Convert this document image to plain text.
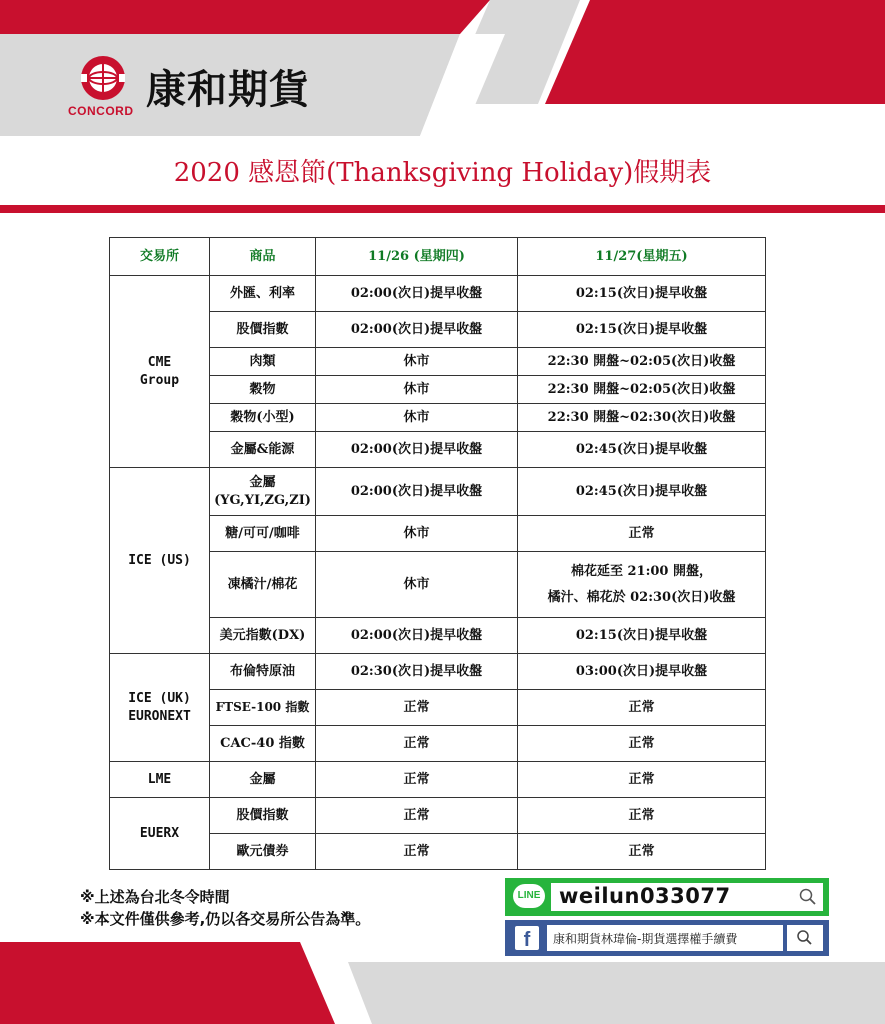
CONCORD 康和期貨
2020 感恩節(Thanksgiving Holiday)假期表
交易所	商品	11/26 (星期四)	11/27(星期五)

CME
Group	外匯、利率	02:00(次日)提早收盤	02:15(次日)提早收盤
	股價指數	02:00(次日)提早收盤	02:15(次日)提早收盤
	肉類	休市	22:30 開盤~02:05(次日)收盤
	穀物	休市	22:30 開盤~02:05(次日)收盤
	穀物(小型)	休市	22:30 開盤~02:30(次日)收盤
	金屬&能源	02:00(次日)提早收盤	02:45(次日)提早收盤

ICE (US)	金屬
(YG,YI,ZG,ZI)	02:00(次日)提早收盤	02:45(次日)提早收盤
	糖/可可/咖啡	休市	正常
	凍橘汁/棉花	休市	棉花延至 21:00 開盤，
橘汁、棉花於 02:30(次日)收盤

	美元指數(DX)	02:00(次日)提早收盤	02:15(次日)提早收盤

ICE (UK)
EURONEXT	布倫特原油	02:30(次日)提早收盤	03:00(次日)提早收盤
	FTSE-100 指數	正常	正常
	CAC-40 指數	正常	正常

LME	金屬	正常	正常

EUERX	股價指數	正常	正常
	歐元債券	正常	正常
※上述為台北冬令時間
※本文件僅供參考,仍以各交易所公告為準。
LINE weilun033077
f	康和期貨林瑋倫-期貨選擇權手續費
